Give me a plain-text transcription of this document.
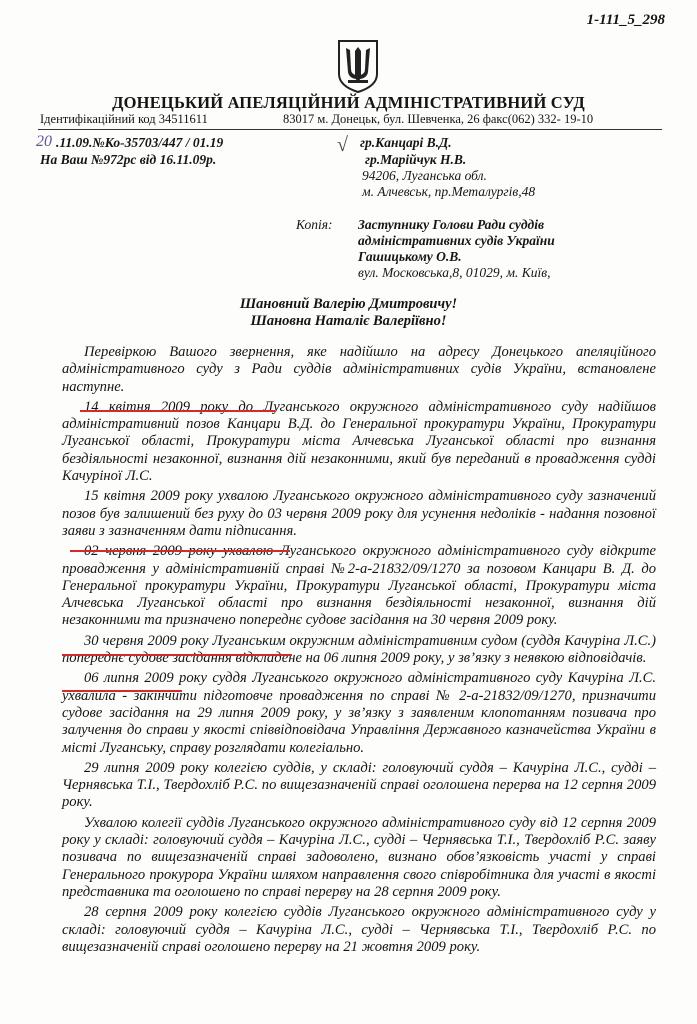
1-111_5_298
ДОНЕЦЬКИЙ АПЕЛЯЦІЙНИЙ АДМІНІСТРАТИВНИЙ СУД
Ідентифікаційний код 34511611	83017 м. Донецьк, бул. Шевченка, 26 факс(062) 332- 19-10
20 .11.09.№Ко-35703/447 / 01.19
На Ваш №972рс від 16.11.09р.
√ гр.Канцарі В.Д.
гр.Марійчук Н.В.
94206, Луганська обл.
м. Алчевськ, пр.Металургів,48
Копія: Заступнику Голови Ради суддів
адміністративних судів України
Гашицькому О.В.
вул. Московська,8, 01029, м. Київ,
Шановний Валерію Дмитровичу!
Шановна Наталіє Валеріївно!

Перевіркою Вашого звернення, яке надійшло на адресу Донецького апеляційного адміністративного суду з Ради суддів адміністративних судів України, встановлене наступне.

14 квітня 2009 року до Луганського окружного адміністративного суду надійшов адміністративний позов Канцари В.Д. до Генеральної прокуратури України, Прокуратури Луганської області, Прокуратури міста Алчевська Луганської області про визнання бездіяльності незаконної, визнання дій незаконними, який був переданий в провадження судді Качуріної Л.С.

15 квітня 2009 року ухвалою Луганського окружного адміністративного суду зазначений позов був залишений без руху до 03 червня 2009 року для усунення недоліків - надання позовної заяви з зазначенням дати підписання.

02 червня 2009 року ухвалою Луганського окружного адміністративного суду відкрите провадження у адміністративній справі №2-а-21832/09/1270 за позовом Канцари В. Д. до Генеральної прокуратури України, Прокуратури Луганської області, Прокуратури міста Алчевська Луганської області про визнання бездіяльності незаконної, визнання дій незаконними та призначено попереднє судове засідання на 30 червня 2009 року.

30 червня 2009 року Луганським окружним адміністративним судом (суддя Качуріна Л.С.) попереднє судове засідання відкладене на 06 липня 2009 року, у зв’язку з неявкою відповідачів.

06 липня 2009 року суддя Луганського окружного адміністративного суду Качуріна Л.С. ухвалила - закінчити підготовче провадження по справі № 2-а-21832/09/1270, призначити судове засідання на 29 липня 2009 року, у зв’язку з заявленим клопотанням позивача про залучення до справи у якості співвідповідача Управління Державного казначейства України в місті Луганську, справу розглядати колегіально.

29 липня 2009 року колегією суддів, у складі: головуючий суддя – Качуріна Л.С., судді – Чернявська Т.І., Твердохліб Р.С. по вищезазначеній справі оголошена перерва на 12 серпня 2009 року.

Ухвалою колегії суддів Луганського окружного адміністративного суду від 12 серпня 2009 року у складі: головуючий суддя – Качуріна Л.С., судді – Чернявська Т.І., Твердохліб Р.С. заяву позивача по вищезазначеній справі задоволено, визнано обов’язковість участі у справі Генерального прокурора України шляхом направлення свого співробітника для участі в якості представника та оголошено по справі перерву на 28 серпня 2009 року.

28 серпня 2009 року колегією суддів Луганського окружного адміністративного суду у складі: головуючий суддя – Качуріна Л.С., судді – Чернявська Т.І., Твердохліб Р.С. по вищезазначеній справі оголошено перерву на 21 жовтня 2009 року.
